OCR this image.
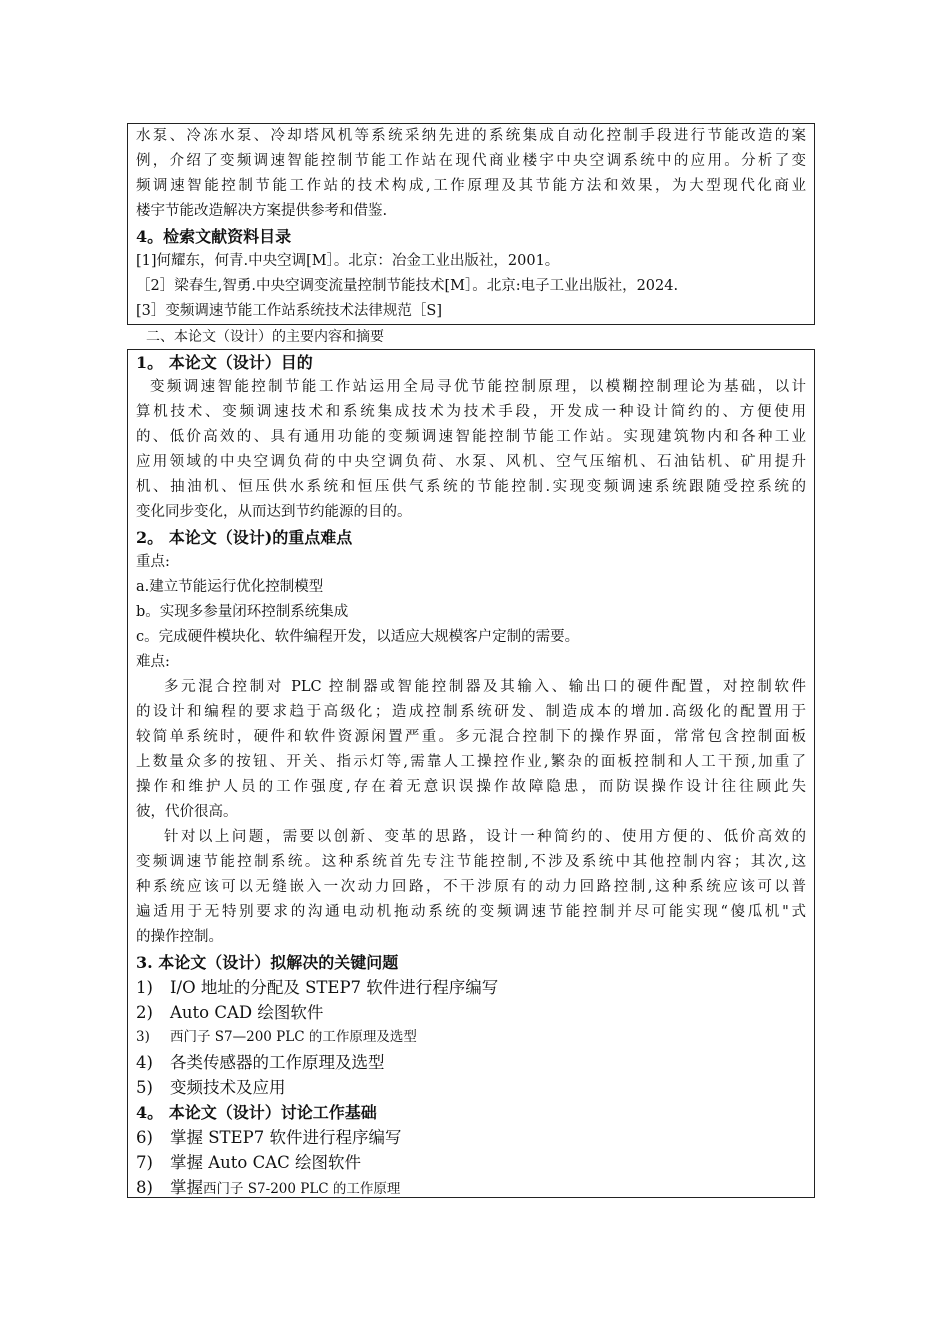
水泵、冷冻水泵、冷却塔风机等系统采纳先进的系统集成自动化控制手段进行节能改造的案
例，介绍了变频调速智能控制节能工作站在现代商业楼宇中央空调系统中的应用。分析了变
频调速智能控制节能工作站的技术构成,工作原理及其节能方法和效果，为大型现代化商业
楼宇节能改造解决方案提供参考和借鉴.
4。检索文献资料目录
[1]何耀东，何青.中央空调[M］。北京：冶金工业出版社，2001。
［2］梁春生,智勇.中央空调变流量控制节能技术[M］。北京:电子工业出版社，2024.
[3］变频调速节能工作站系统技术法律规范［S]
二、本论文（设计）的主要内容和摘要
1。 本论文（设计）目的
变频调速智能控制节能工作站运用全局寻优节能控制原理，以模糊控制理论为基础，以计
算机技术、变频调速技术和系统集成技术为技术手段，开发成一种设计简约的、方便使用
的、低价高效的、具有通用功能的变频调速智能控制节能工作站。实现建筑物内和各种工业
应用领域的中央空调负荷的中央空调负荷、水泵、风机、空气压缩机、石油钻机、矿用提升
机、抽油机、恒压供水系统和恒压供气系统的节能控制.实现变频调速系统跟随受控系统的
变化同步变化，从而达到节约能源的目的。
2。 本论文（设计)的重点难点
重点:
a.建立节能运行优化控制模型
b。实现多参量闭环控制系统集成
c。完成硬件模块化、软件编程开发，以适应大规模客户定制的需要。
难点:
多元混合控制对 PLC 控制器或智能控制器及其输入、输出口的硬件配置，对控制软件
的设计和编程的要求趋于高级化；造成控制系统研发、制造成本的增加.高级化的配置用于
较简单系统时，硬件和软件资源闲置严重。多元混合控制下的操作界面，常常包含控制面板
上数量众多的按钮、开关、指示灯等,需靠人工操控作业,繁杂的面板控制和人工干预,加重了
操作和维护人员的工作强度,存在着无意识误操作故障隐患，而防误操作设计往往顾此失
彼，代价很高。
针对以上问题，需要以创新、变革的思路，设计一种简约的、使用方便的、低价高效的
变频调速节能控制系统。这种系统首先专注节能控制,不涉及系统中其他控制内容；其次,这
种系统应该可以无缝嵌入一次动力回路，不干涉原有的动力回路控制,这种系统应该可以普
遍适用于无特别要求的沟通电动机拖动系统的变频调速节能控制并尽可能实现“傻瓜机"式
的操作控制。
3. 本论文（设计）拟解决的关键问题
1) I/O 地址的分配及 STEP7 软件进行程序编写
2) Auto CAD 绘图软件
3) 西门子 S7—200 PLC 的工作原理及选型
4) 各类传感器的工作原理及选型
5) 变频技术及应用
4。 本论文（设计）讨论工作基础
6) 掌握 STEP7 软件进行程序编写
7) 掌握 Auto CAC 绘图软件
8) 掌握西门子 S7-200 PLC 的工作原理
